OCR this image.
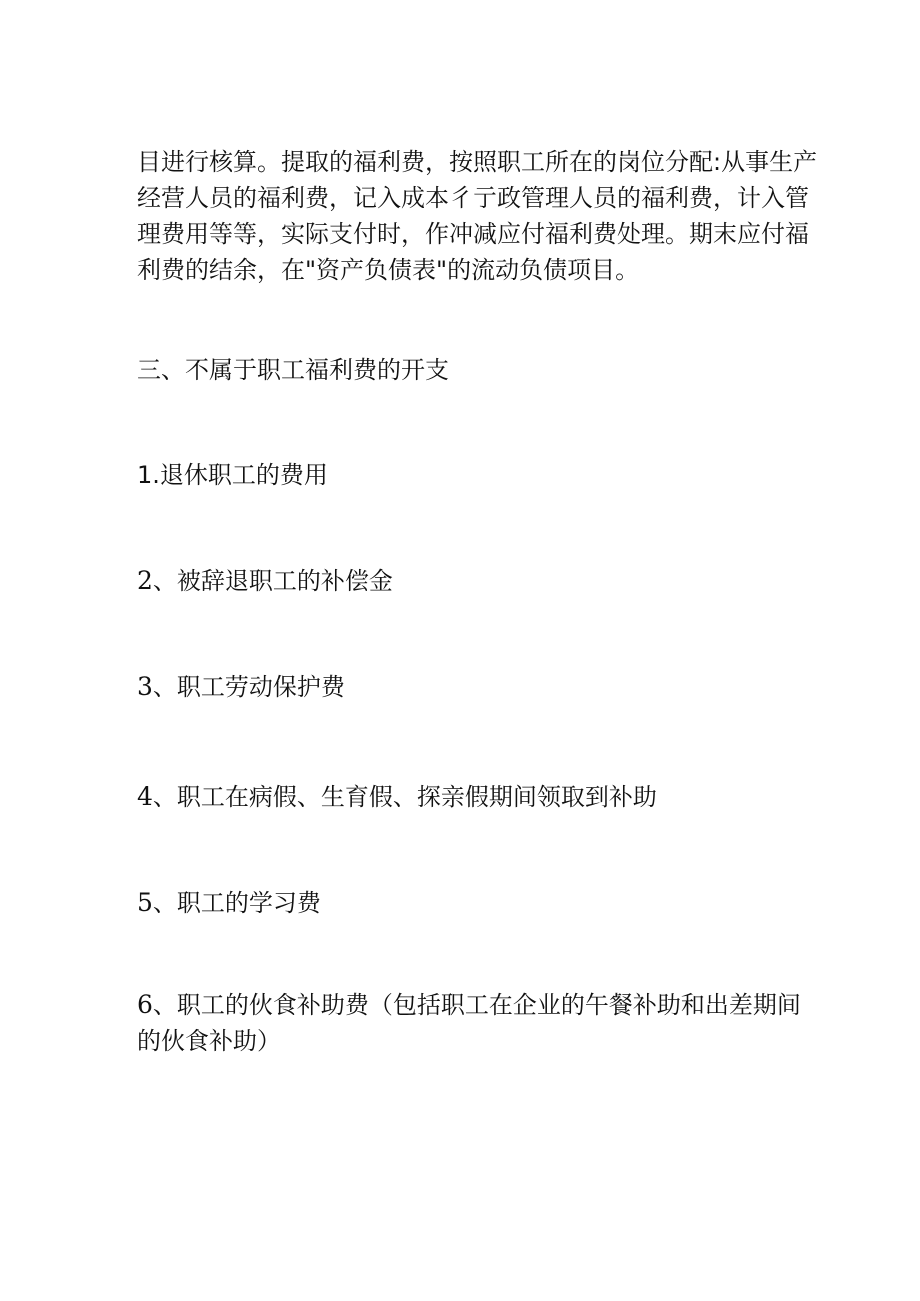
目进行核算。提取的福利费，按照职工所在的岗位分配:从事生产
经营人员的福利费，记入成本彳亍政管理人员的福利费，计入管
理费用等等，实际支付时，作冲减应付福利费处理。期末应付福
利费的结余，在"资产负债表"的流动负债项目。

三、不属于职工福利费的开支

1.退休职工的费用

2、被辞退职工的补偿金

3、职工劳动保护费

4、职工在病假、生育假、探亲假期间领取到补助

5、职工的学习费

6、职工的伙食补助费（包括职工在企业的午餐补助和出差期间
的伙食补助）
